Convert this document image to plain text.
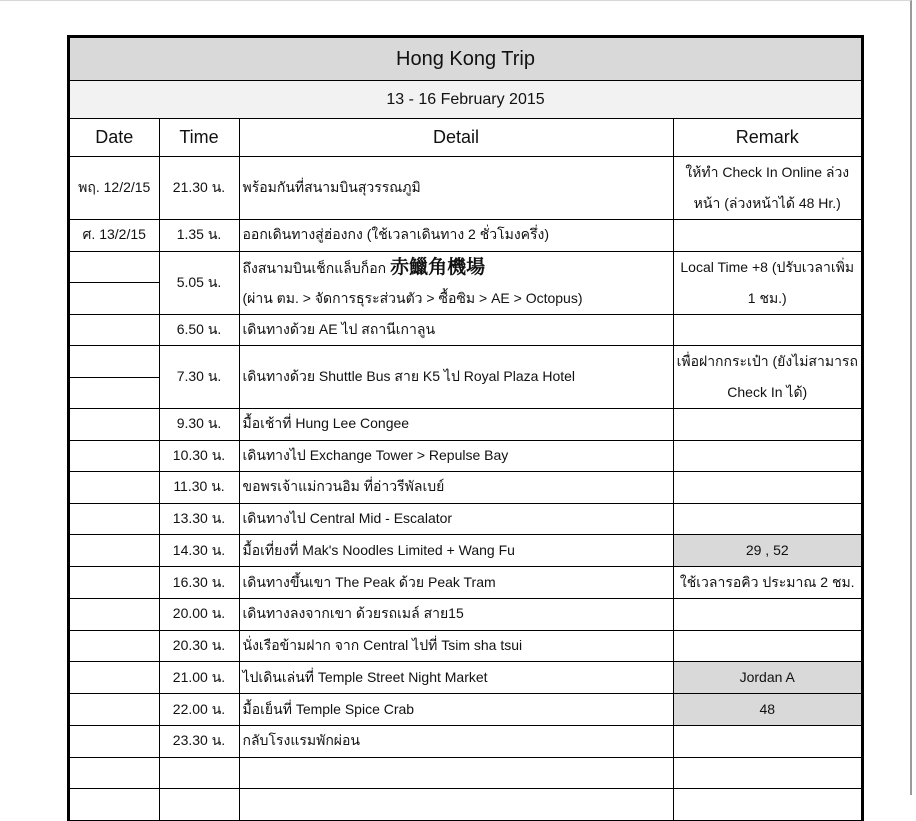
Hong Kong Trip
13 - 16 February 2015
Date	Time	Detail	Remark
พฤ. 12/2/15	21.30 น.	พร้อมกันที่สนามบินสุวรรณภูมิ	ให้ทำ Check In Online ล่วงหน้า (ล่วงหน้าได้ 48 Hr.)
ศ. 13/2/15	1.35 น.	ออกเดินทางสู่ฮ่องกง (ใช้เวลาเดินทาง 2 ชั่วโมงครึ่ง)	

	5.05 น.	ถึงสนามบินเช็กแล็บก็อก 赤鱲角機場
(ผ่าน ตม. > จัดการธุระส่วนตัว > ซื้อซิม > AE > Octopus)	Local Time +8 (ปรับเวลาเพิ่ม 1 ชม.)
	6.50 น.	เดินทางด้วย AE ไป สถานีเกาลูน	

	7.30 น.	เดินทางด้วย Shuttle Bus สาย K5 ไป Royal Plaza Hotel	เพื่อฝากกระเป๋า (ยังไม่สามารถ Check In ได้)
	9.30 น.	มื้อเช้าที่ Hung Lee Congee	
	10.30 น.	เดินทางไป Exchange Tower > Repulse Bay	
	11.30 น.	ขอพรเจ้าแม่กวนอิม ที่อ่าวรีพัลเบย์	
	13.30 น.	เดินทางไป Central Mid - Escalator	
	14.30 น.	มื้อเที่ยงที่ Mak's Noodles Limited + Wang Fu	29 , 52
	16.30 น.	เดินทางขึ้นเขา The Peak ด้วย Peak Tram	ใช้เวลารอคิว ประมาณ 2 ชม.
	20.00 น.	เดินทางลงจากเขา ด้วยรถเมล์ สาย15	
	20.30 น.	นั่งเรือข้ามฝาก จาก Central ไปที่ Tsim sha tsui	
	21.00 น.	ไปเดินเล่นที่ Temple Street Night Market	Jordan A
	22.00 น.	มื้อเย็นที่ Temple Spice Crab	48
	23.30 น.	กลับโรงแรมพักผ่อน	
